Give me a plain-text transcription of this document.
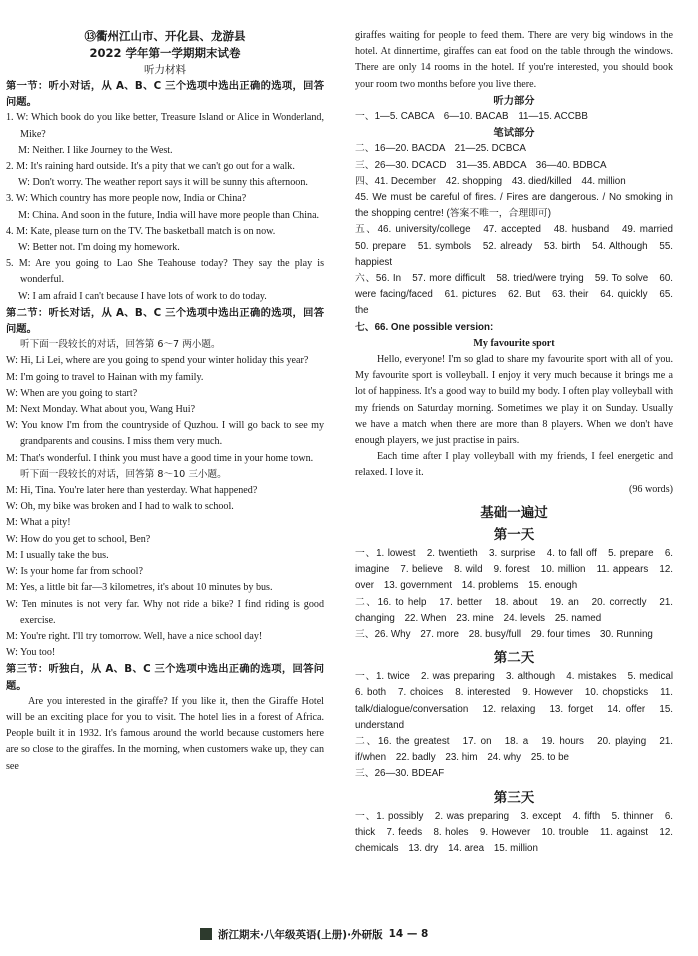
⑬衢州江山市、开化县、龙游县
2022 学年第一学期期末试卷
听力材料

第一节：听小对话，从 A、B、C 三个选项中选出正确的选项，回答问题。

1. W: Which book do you like better, Treasure Island or Alice in Wonderland, Mike?

M: Neither. I like Journey to the West.

2. M: It's raining hard outside. It's a pity that we can't go out for a walk.

W: Don't worry. The weather report says it will be sunny this afternoon.

3. W: Which country has more people now, India or China?

M: China. And soon in the future, India will have more people than China.

4. M: Kate, please turn on the TV. The basketball match is on now.

W: Better not. I'm doing my homework.

5. M: Are you going to Lao She Teahouse today? They say the play is wonderful.

W: I am afraid I can't because I have lots of work to do today.

第二节：听长对话，从 A、B、C 三个选项中选出正确的选项，回答问题。

听下面一段较长的对话，回答第 6～7 两小题。

W: Hi, Li Lei, where are you going to spend your winter holiday this year?

M: I'm going to travel to Hainan with my family.

W: When are you going to start?

M: Next Monday. What about you, Wang Hui?

W: You know I'm from the countryside of Quzhou. I will go back to see my grandparents and cousins. I miss them very much.

M: That's wonderful. I think you must have a good time in your home town.

听下面一段较长的对话，回答第 8～10 三小题。

M: Hi, Tina. You're later here than yesterday. What happened?

W: Oh, my bike was broken and I had to walk to school.

M: What a pity!

W: How do you get to school, Ben?

M: I usually take the bus.

W: Is your home far from school?

M: Yes, a little bit far—3 kilometres, it's about 10 minutes by bus.

W: Ten minutes is not very far. Why not ride a bike? I find riding is good exercise.

M: You're right. I'll try tomorrow. Well, have a nice school day!

W: You too!

第三节：听独白，从 A、B、C 三个选项中选出正确的选项，回答问题。

Are you interested in the giraffe? If you like it, then the Giraffe Hotel will be an exciting place for you to visit. The hotel lies in a forest of Africa. People built it in 1932. It's famous around the world because customers here are so close to the giraffes. In the morning, when customers wake up, they can see

giraffes waiting for people to feed them. There are very big windows in the hotel. At dinnertime, giraffes can eat food on the table through the windows. There are only 14 rooms in the hotel. If you're interested, you should book your room two months before you live there.

听力部分

一、1—5. CABCA　6—10. BACAB　11—15. ACCBB

笔试部分

二、16—20. BACDA　21—25. DCBCA

三、26—30. DCACD　31—35. ABDCA　36—40. BDBCA

四、41. December　42. shopping　43. died/killed　44. million

45. We must be careful of fires. / Fires are dangerous. / No smoking in the shopping centre! (答案不唯一，合理即可)

五、46. university/college　47. accepted　48. husband　49. married　50. prepare　51. symbols　52. already　53. birth　54. Although　55. happiest

六、56. In　57. more difficult　58. tried/were trying　59. To solve　60. were facing/faced　61. pictures　62. But　63. their　64. quickly　65. the

七、66. One possible version:

My favourite sport

Hello, everyone! I'm so glad to share my favourite sport with all of you. My favourite sport is volleyball. I enjoy it very much because it brings me a lot of happiness. It's a good way to build my body. I often play volleyball with my friends on Saturday morning. Sometimes we play it on Sunday. Usually we have a match when there are more than 8 players. When we don't have enough players, we just practise in pairs.

Each time after I play volleyball with my friends, I feel energetic and relaxed. I love it.

(96 words)
基础一遍过
第一天

一、1. lowest　2. twentieth　3. surprise　4. to fall off　5. prepare　6. imagine　7. believe　8. wild　9. forest　10. million　11. appears　12. over　13. government　14. problems　15. enough

二、16. to help　17. better　18. about　19. an　20. correctly　21. changing　22. When　23. mine　24. levels　25. named

三、26. Why　27. more　28. busy/full　29. four times　30. Running

第二天

一、1. twice　2. was preparing　3. although　4. mistakes　5. medical　6. both　7. choices　8. interested　9. However　10. chopsticks　11. talk/dialogue/conversation　12. relaxing　13. forget　14. offer　15. understand

二、16. the greatest　17. on　18. a　19. hours　20. playing　21. if/when　22. badly　23. him　24. why　25. to be

三、26—30. BDEAF

第三天

一、1. possibly　2. was preparing　3. except　4. fifth　5. thinner　6. thick　7. feeds　8. holes　9. However　10. trouble　11. against　12. chemicals　13. dry　14. area　15. million

浙江期末·八年级英语(上册)·外研版 14 — 8
